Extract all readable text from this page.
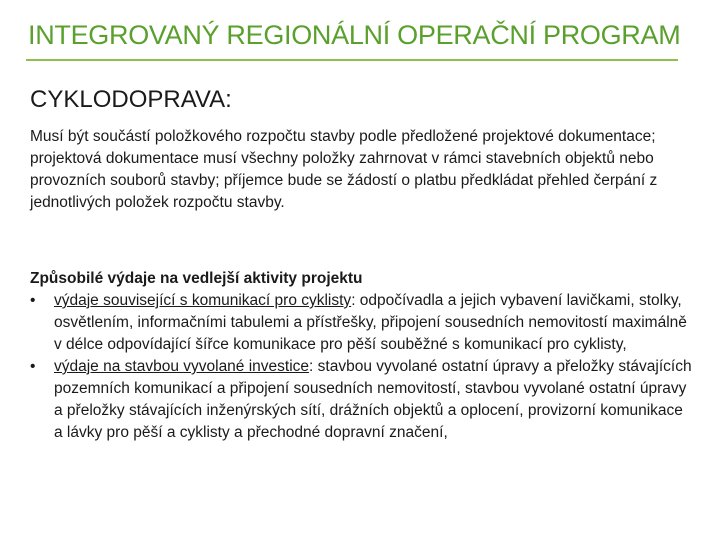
INTEGROVANÝ REGIONÁLNÍ OPERAČNÍ PROGRAM
CYKLODOPRAVA:
Musí být součástí položkového rozpočtu stavby podle předložené projektové dokumentace; projektová dokumentace musí všechny položky zahrnovat v rámci stavebních objektů nebo provozních souborů stavby; příjemce bude se žádostí o platbu předkládat přehled čerpání z jednotlivých položek rozpočtu stavby.
Způsobilé výdaje na vedlejší aktivity projektu
• výdaje související s komunikací pro cyklisty: odpočívadla a jejich vybavení lavičkami, stolky, osvětlením, informačními tabulemi a přístřešky, připojení sousedních nemovitostí maximálně v délce odpovídající šířce komunikace pro pěší souběžné s komunikací pro cyklisty,
• výdaje na stavbou vyvolané investice: stavbou vyvolané ostatní úpravy a přeložky stávajících pozemních komunikací a připojení sousedních nemovitostí, stavbou vyvolané ostatní úpravy a přeložky stávajících inženýrských sítí, drážních objektů a oplocení, provizorní komunikace a lávky pro pěší a cyklisty a přechodné dopravní značení,
